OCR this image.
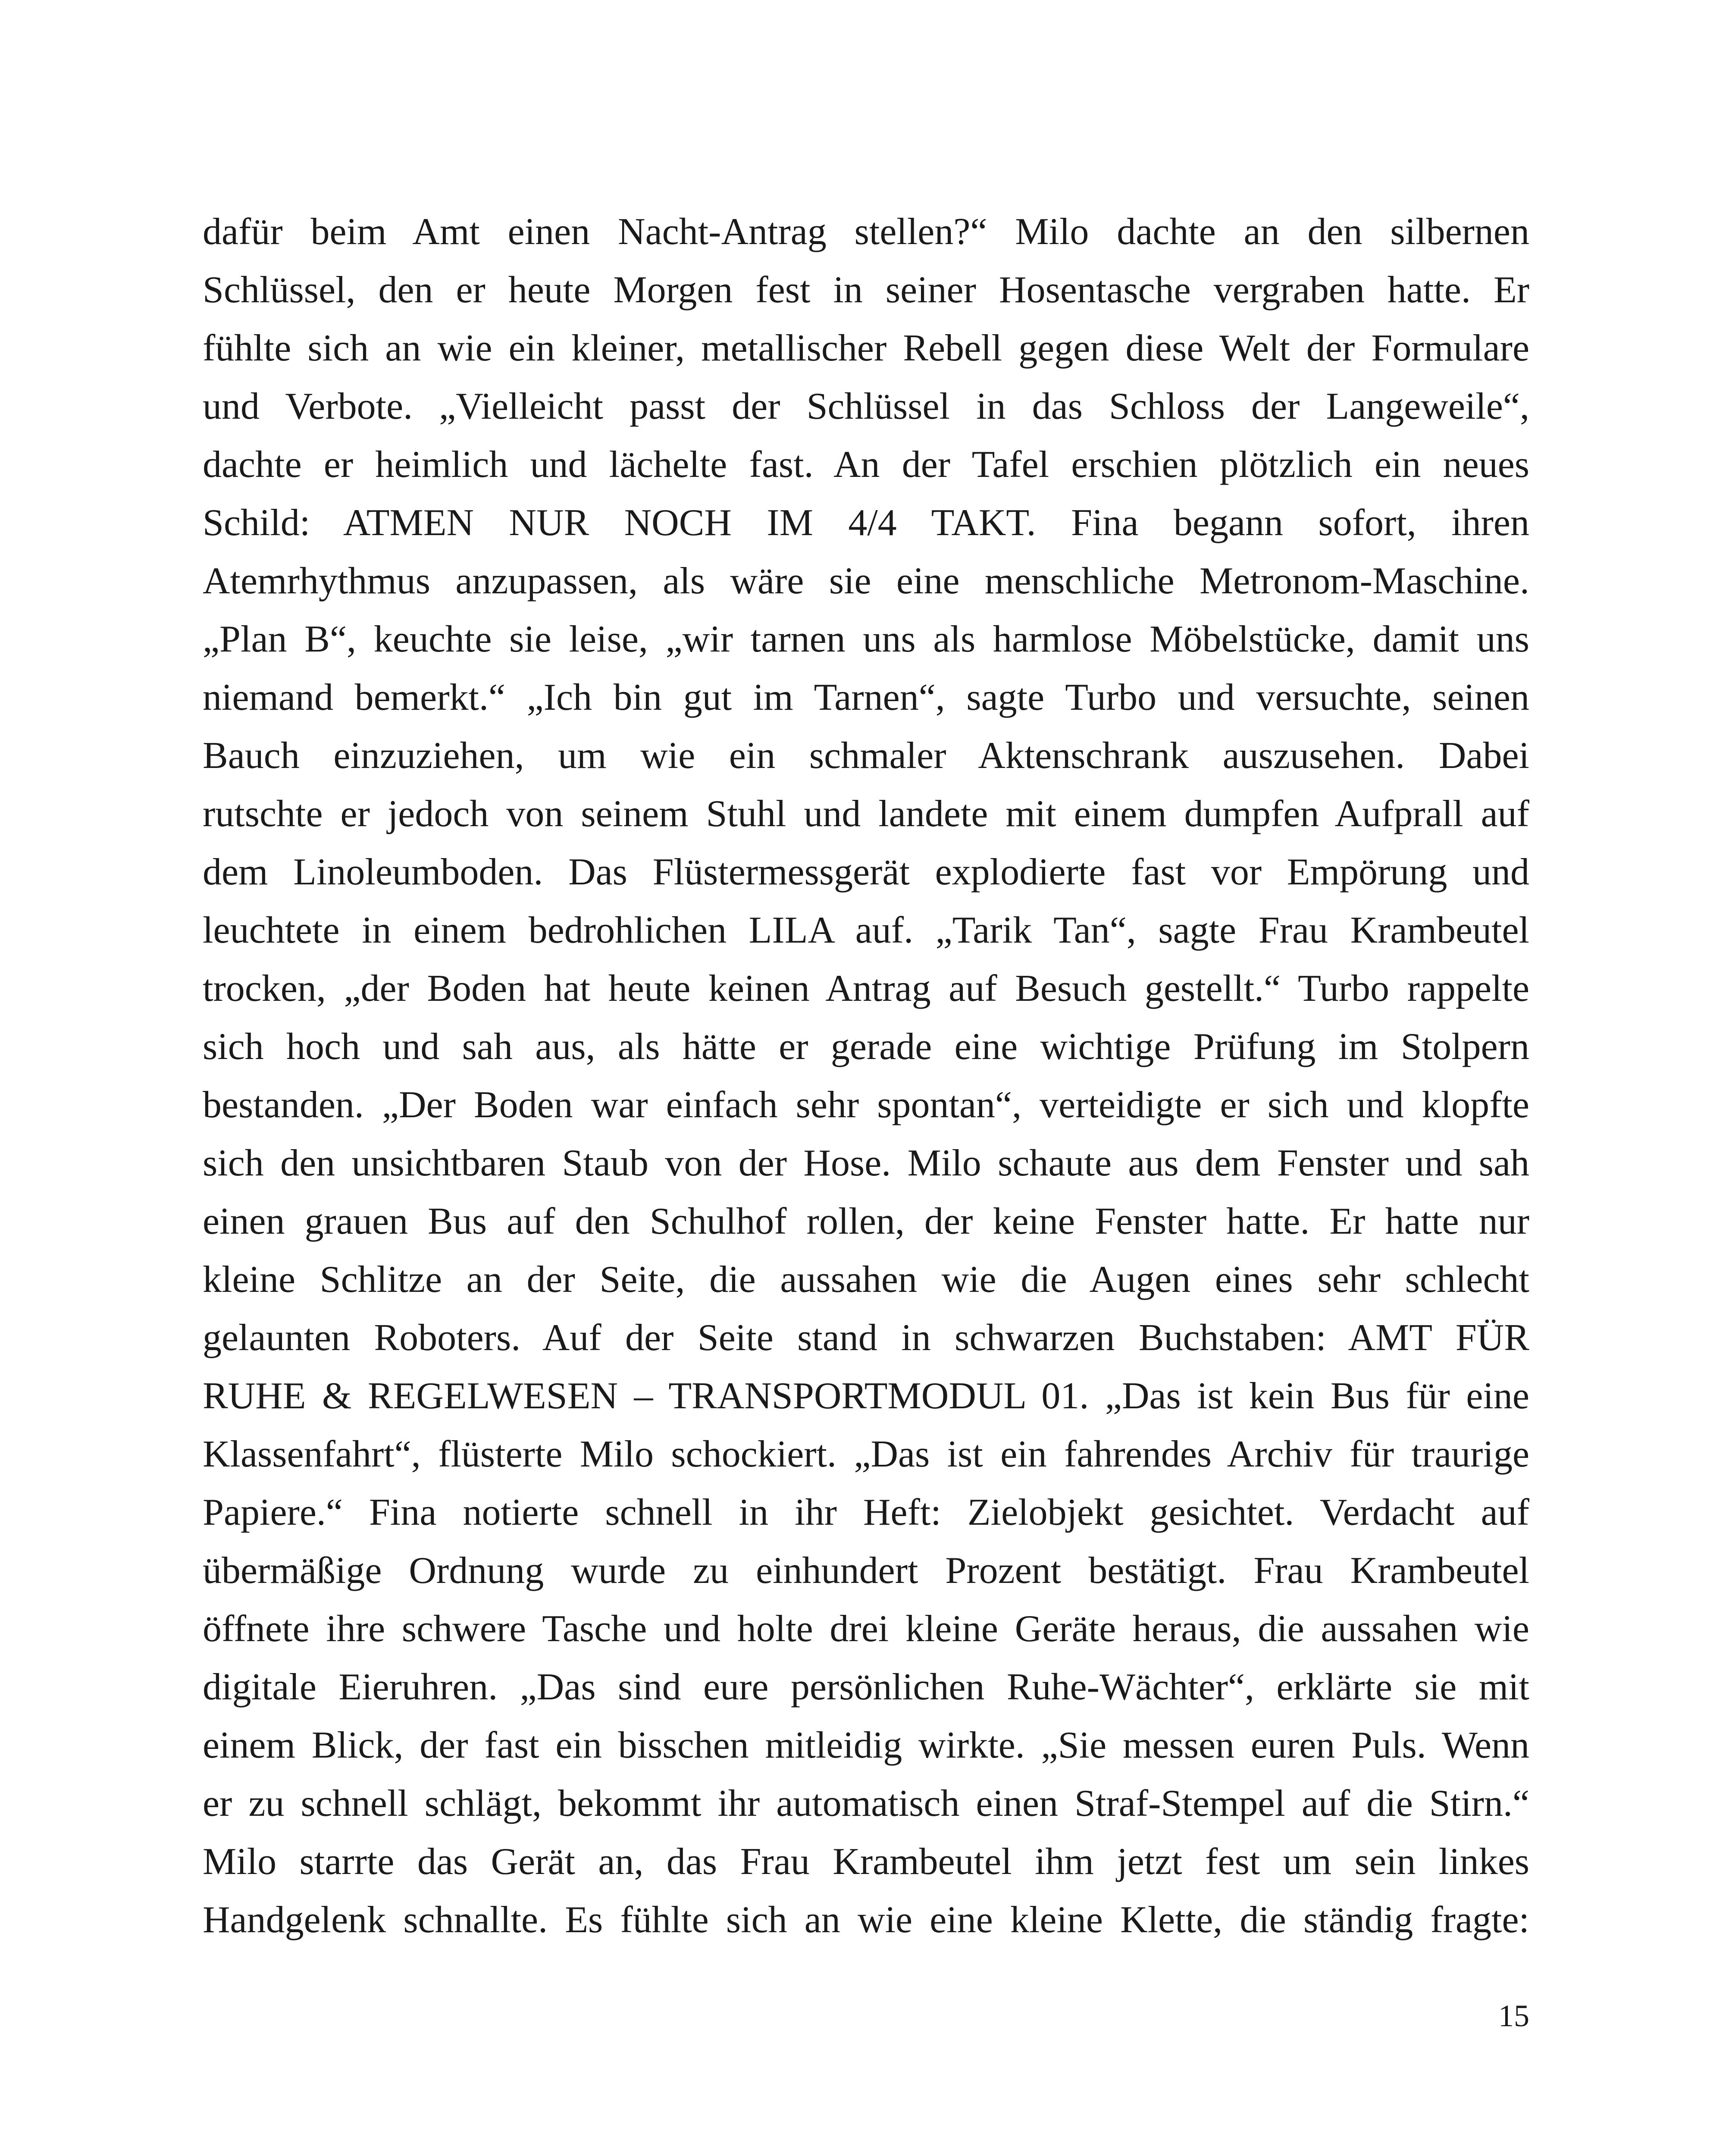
dafür beim Amt einen Nacht-Antrag stellen?“ Milo dachte an den silbernen
Schlüssel, den er heute Morgen fest in seiner Hosentasche vergraben hatte. Er
fühlte sich an wie ein kleiner, metallischer Rebell gegen diese Welt der Formulare
und Verbote. „Vielleicht passt der Schlüssel in das Schloss der Langeweile“,
dachte er heimlich und lächelte fast. An der Tafel erschien plötzlich ein neues
Schild: ATMEN NUR NOCH IM 4/4 TAKT. Fina begann sofort, ihren
Atemrhythmus anzupassen, als wäre sie eine menschliche Metronom-Maschine.
„Plan B“, keuchte sie leise, „wir tarnen uns als harmlose Möbelstücke, damit uns
niemand bemerkt.“ „Ich bin gut im Tarnen“, sagte Turbo und versuchte, seinen
Bauch einzuziehen, um wie ein schmaler Aktenschrank auszusehen. Dabei
rutschte er jedoch von seinem Stuhl und landete mit einem dumpfen Aufprall auf
dem Linoleumboden. Das Flüstermessgerät explodierte fast vor Empörung und
leuchtete in einem bedrohlichen LILA auf. „Tarik Tan“, sagte Frau Krambeutel
trocken, „der Boden hat heute keinen Antrag auf Besuch gestellt.“ Turbo rappelte
sich hoch und sah aus, als hätte er gerade eine wichtige Prüfung im Stolpern
bestanden. „Der Boden war einfach sehr spontan“, verteidigte er sich und klopfte
sich den unsichtbaren Staub von der Hose. Milo schaute aus dem Fenster und sah
einen grauen Bus auf den Schulhof rollen, der keine Fenster hatte. Er hatte nur
kleine Schlitze an der Seite, die aussahen wie die Augen eines sehr schlecht
gelaunten Roboters. Auf der Seite stand in schwarzen Buchstaben: AMT FÜR
RUHE & REGELWESEN – TRANSPORTMODUL 01. „Das ist kein Bus für eine
Klassenfahrt“, flüsterte Milo schockiert. „Das ist ein fahrendes Archiv für traurige
Papiere.“ Fina notierte schnell in ihr Heft: Zielobjekt gesichtet. Verdacht auf
übermäßige Ordnung wurde zu einhundert Prozent bestätigt. Frau Krambeutel
öffnete ihre schwere Tasche und holte drei kleine Geräte heraus, die aussahen wie
digitale Eieruhren. „Das sind eure persönlichen Ruhe-Wächter“, erklärte sie mit
einem Blick, der fast ein bisschen mitleidig wirkte. „Sie messen euren Puls. Wenn
er zu schnell schlägt, bekommt ihr automatisch einen Straf-Stempel auf die Stirn.“
Milo starrte das Gerät an, das Frau Krambeutel ihm jetzt fest um sein linkes
Handgelenk schnallte. Es fühlte sich an wie eine kleine Klette, die ständig fragte:
15
